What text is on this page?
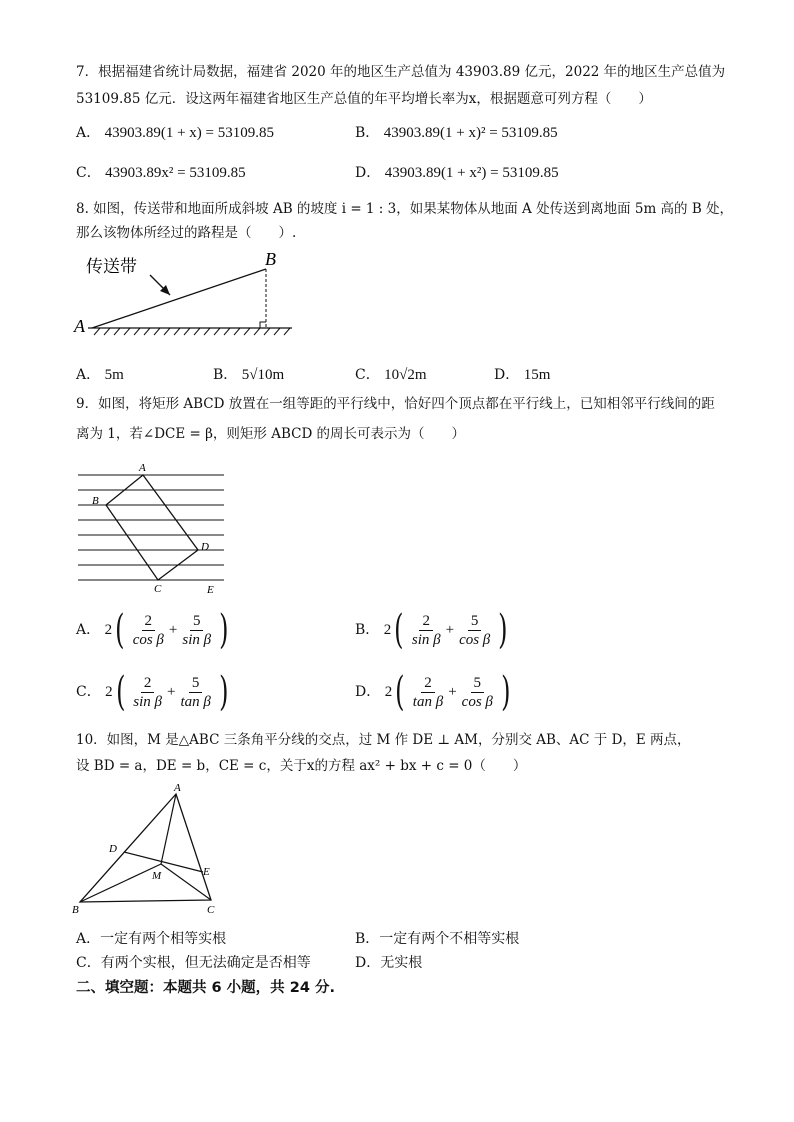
7．根据福建省统计局数据，福建省 2020 年的地区生产总值为 43903.89 亿元，2022 年的地区生产总值为
53109.85 亿元．设这两年福建省地区生产总值的年平均增长率为x，根据题意可列方程（　　）
A． 43903.89(1 + x) = 53109.85	B． 43903.89(1 + x)² = 53109.85
C． 43903.89x² = 53109.85	D． 43903.89(1 + x²) = 53109.85
8. 如图，传送带和地面所成斜坡 AB 的坡度 i = 1 : 3，如果某物体从地面 A 处传送到离地面 5m 高的 B 处，
那么该物体所经过的路程是（　　）.
传送带
A
B
A． 5m	B． 5√10m	C． 10√2m	D． 15m
9．如图，将矩形 ABCD 放置在一组等距的平行线中，恰好四个顶点都在平行线上，已知相邻平行线间的距
离为 1，若∠DCE = β，则矩形 ABCD 的周长可表示为（　　）
A
B
C
D
E
A． $2( \frac{2}{\text{cos β}} + \frac{5}{\text{sin β}}$ )	B． $2( \frac{2}{\text{sin β}} + \frac{5}{\text{cos β}}$ )
C． $2( \frac{2}{\text{sin β}} + \frac{5}{\text{tan β}}$ )	D． $2( \frac{2}{\text{tan β}} + \frac{5}{\text{cos β}}$ )
10．如图，M 是△ABC 三条角平分线的交点，过 M 作 DE ⊥ AM，分别交 AB、AC 于 D，E 两点，
设 BD = a，DE = b，CE = c，关于x的方程 ax² + bx + c = 0（　　）
A
B	C
D
E
M
A．一定有两个相等实根	B．一定有两个不相等实根
C．有两个实根，但无法确定是否相等	D．无实根
二、填空题：本题共 6 小题，共 24 分.
